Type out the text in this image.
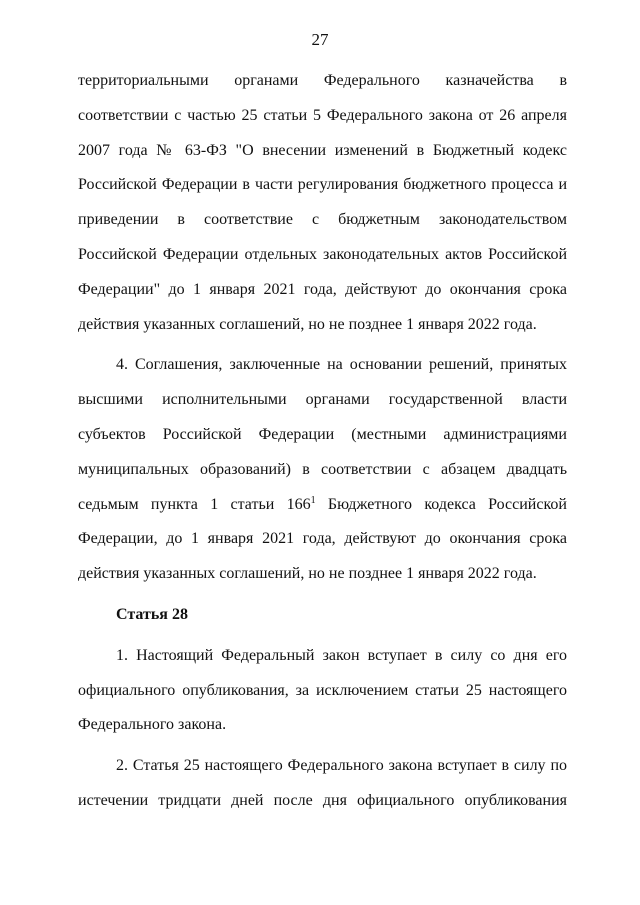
27

территориальными органами Федерального казначейства в соответствии с частью 25 статьи 5 Федерального закона от 26 апреля 2007 года № 63-ФЗ "О внесении изменений в Бюджетный кодекс Российской Федерации в части регулирования бюджетного процесса и приведении в соответствие с бюджетным законодательством Российской Федерации отдельных законодательных актов Российской Федерации" до 1 января 2021 года, действуют до окончания срока действия указанных соглашений, но не позднее 1 января 2022 года.

4. Соглашения, заключенные на основании решений, принятых высшими исполнительными органами государственной власти субъектов Российской Федерации (местными администрациями муниципальных образований) в соответствии с абзацем двадцать седьмым пункта 1 статьи $166^1$ Бюджетного кодекса Российской Федерации, до 1 января 2021 года, действуют до окончания срока действия указанных соглашений, но не позднее 1 января 2022 года.

Статья 28

1. Настоящий Федеральный закон вступает в силу со дня его официального опубликования, за исключением статьи 25 настоящего Федерального закона.

2. Статья 25 настоящего Федерального закона вступает в силу по истечении тридцати дней после дня официального опубликования
